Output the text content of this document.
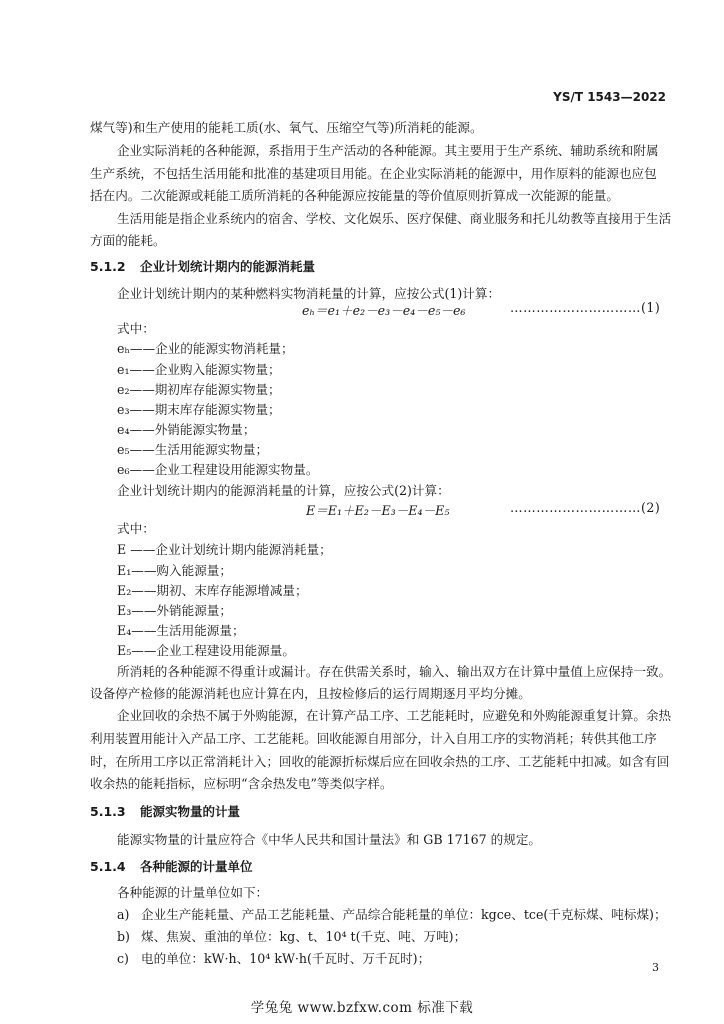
YS/T 1543—2022
煤气等)和生产使用的能耗工质(水、氧气、压缩空气等)所消耗的能源。
企业实际消耗的各种能源，系指用于生产活动的各种能源。其主要用于生产系统、辅助系统和附属
生产系统，不包括生活用能和批准的基建项目用能。在企业实际消耗的能源中，用作原料的能源也应包
括在内。二次能源或耗能工质所消耗的各种能源应按能量的等价值原则折算成一次能源的能量。
生活用能是指企业系统内的宿舍、学校、文化娱乐、医疗保健、商业服务和托儿幼教等直接用于生活
方面的能耗。
5.1.2 企业计划统计期内的能源消耗量
企业计划统计期内的某种燃料实物消耗量的计算，应按公式(1)计算：
eₕ＝e₁＋e₂－e₃－e₄－e₅－e₆	…………………………(1)
式中：
eₕ——企业的能源实物消耗量；
e₁——企业购入能源实物量；
e₂——期初库存能源实物量；
e₃——期末库存能源实物量；
e₄——外销能源实物量；
e₅——生活用能源实物量；
e₆——企业工程建设用能源实物量。
企业计划统计期内的能源消耗量的计算，应按公式(2)计算：
E＝E₁＋E₂－E₃－E₄－E₅	…………………………(2)
式中：
E ——企业计划统计期内能源消耗量；
E₁——购入能源量；
E₂——期初、末库存能源增减量；
E₃——外销能源量；
E₄——生活用能源量；
E₅——企业工程建设用能源量。
所消耗的各种能源不得重计或漏计。存在供需关系时，输入、输出双方在计算中量值上应保持一致。
设备停产检修的能源消耗也应计算在内，且按检修后的运行周期逐月平均分摊。
企业回收的余热不属于外购能源，在计算产品工序、工艺能耗时，应避免和外购能源重复计算。余热
利用装置用能计入产品工序、工艺能耗。回收能源自用部分，计入自用工序的实物消耗；转供其他工序
时，在所用工序以正常消耗计入；回收的能源折标煤后应在回收余热的工序、工艺能耗中扣减。如含有回
收余热的能耗指标，应标明“含余热发电”等类似字样。
5.1.3 能源实物量的计量
能源实物量的计量应符合《中华人民共和国计量法》和 GB 17167 的规定。
5.1.4 各种能源的计量单位
各种能源的计量单位如下：
a) 企业生产能耗量、产品工艺能耗量、产品综合能耗量的单位：kgce、tce(千克标煤、吨标煤)；
b) 煤、焦炭、重油的单位：kg、t、10⁴ t(千克、吨、万吨)；
c) 电的单位：kW·h、10⁴ kW·h(千瓦时、万千瓦时)；
3
学兔兔 www.bzfxw.com 标准下载
